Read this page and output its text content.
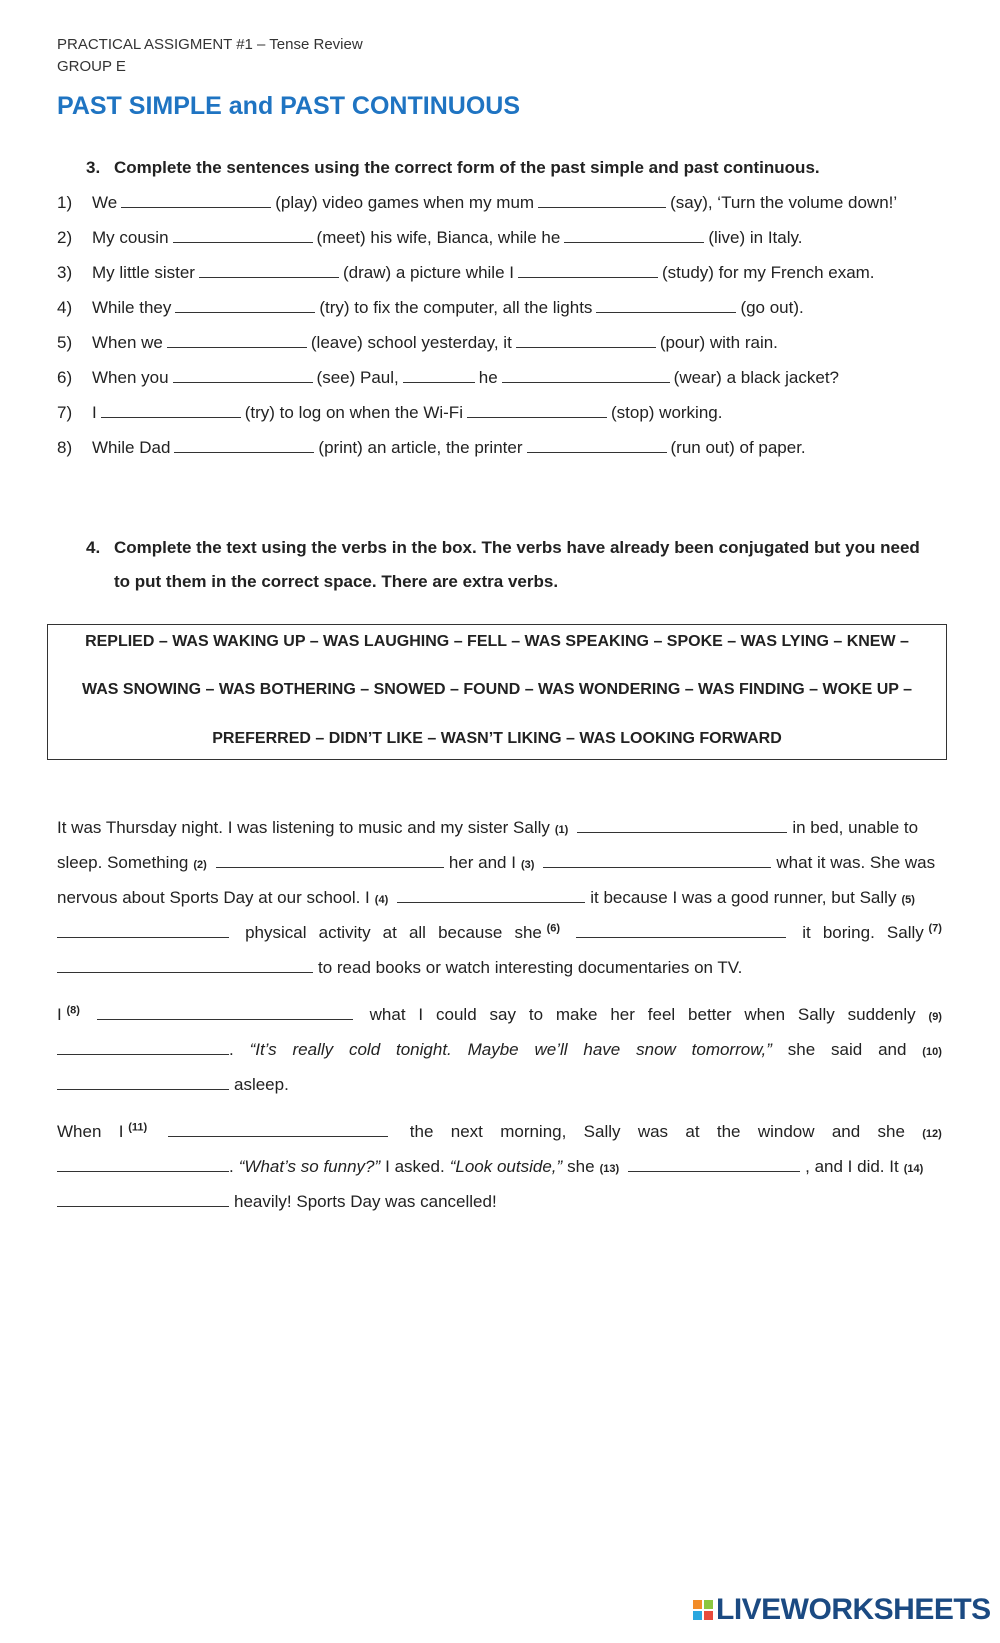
PRACTICAL ASSIGMENT #1 – Tense Review
GROUP E
PAST SIMPLE and PAST CONTINUOUS
3. Complete the sentences using the correct form of the past simple and past continuous.
1) We	(play) video games when my mum	(say), ‘Turn the volume down!’
2) My cousin	(meet) his wife, Bianca, while he	(live) in Italy.
3) My little sister	(draw) a picture while I	(study) for my French exam.
4) While they	(try) to fix the computer, all the lights	(go out).
5) When we	(leave) school yesterday, it	(pour) with rain.
6) When you	(see) Paul,	he	(wear) a black jacket?
7) I	(try) to log on when the Wi-Fi	(stop) working.
8) While Dad	(print) an article, the printer	(run out) of paper.
4. Complete the text using the verbs in the box. The verbs have already been conjugated but you need
to put them in the correct space. There are extra verbs.
REPLIED – WAS WAKING UP – WAS LAUGHING – FELL – WAS SPEAKING – SPOKE – WAS LYING – KNEW –
WAS SNOWING – WAS BOTHERING – SNOWED – FOUND – WAS WONDERING – WAS FINDING – WOKE UP –
PREFERRED – DIDN’T LIKE – WASN’T LIKING – WAS LOOKING FORWARD
It was Thursday night. I was listening to music and my sister Sally (1)	in bed, unable to
sleep. Something (2)	her and I (3)	what it was. She was
nervous about Sports Day at our school. I (4)	it because I was a good runner, but Sally (5)
physical activity at all because she $^{(6)}$	it boring. Sally $^{(7)}$
to read books or watch interesting documentaries on TV.
I $^{(8)}$	what I could say to make her feel better when Sally suddenly (9)
. “It’s really cold tonight. Maybe we’ll have snow tomorrow,” she said and (10)
asleep.
When I $^{(11)}$	the next morning, Sally was at the window and she (12)
. “What’s so funny?” I asked. “Look outside,” she (13)	, and I did. It (14)
heavily! Sports Day was cancelled!
LIVEWORKSHEETS
